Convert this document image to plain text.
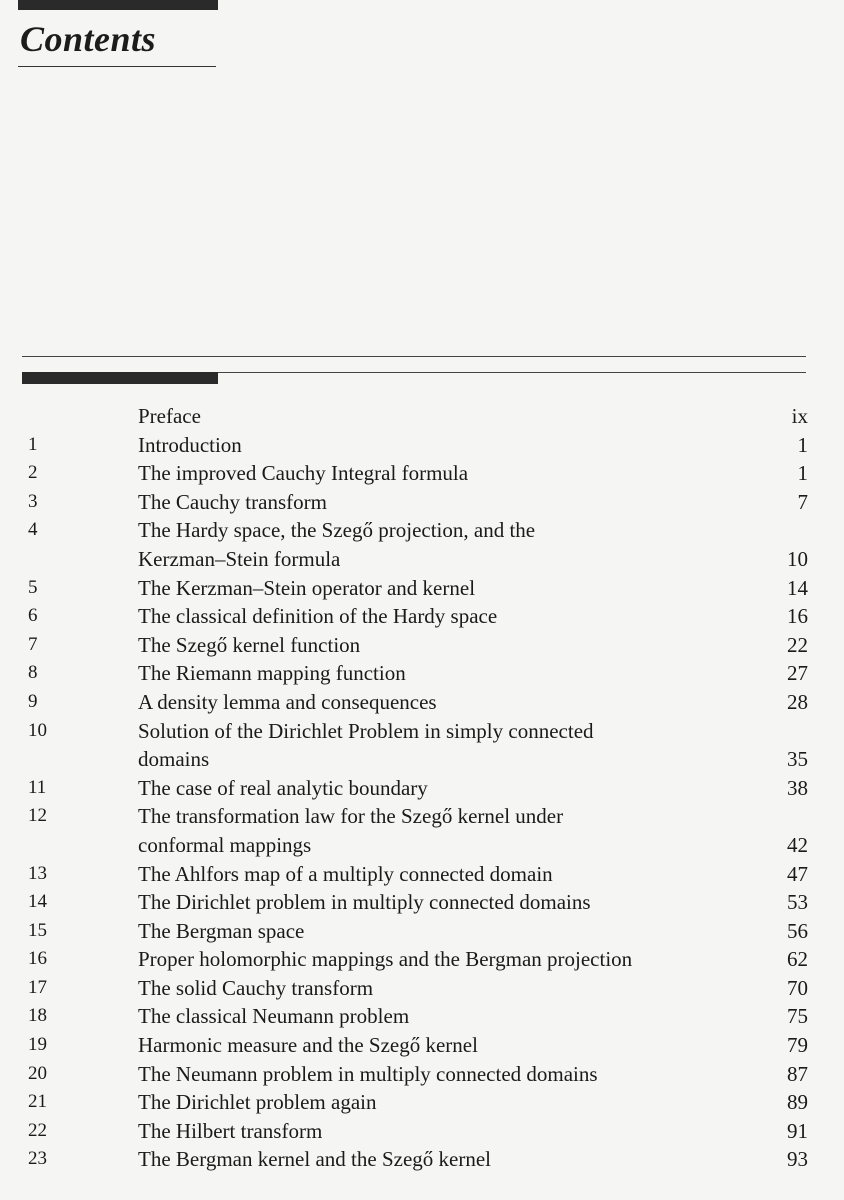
Contents
Preface	ix
1	Introduction	1
2	The improved Cauchy Integral formula	1
3	The Cauchy transform	7
4	The Hardy space, the Szegő projection, and the
Kerzman–Stein formula	10
5	The Kerzman–Stein operator and kernel	14
6	The classical definition of the Hardy space	16
7	The Szegő kernel function	22
8	The Riemann mapping function	27
9	A density lemma and consequences	28
10	Solution of the Dirichlet Problem in simply connected
domains	35
11	The case of real analytic boundary	38
12	The transformation law for the Szegő kernel under
conformal mappings	42
13	The Ahlfors map of a multiply connected domain	47
14	The Dirichlet problem in multiply connected domains	53
15	The Bergman space	56
16	Proper holomorphic mappings and the Bergman projection	62
17	The solid Cauchy transform	70
18	The classical Neumann problem	75
19	Harmonic measure and the Szegő kernel	79
20	The Neumann problem in multiply connected domains	87
21	The Dirichlet problem again	89
22	The Hilbert transform	91
23	The Bergman kernel and the Szegő kernel	93
